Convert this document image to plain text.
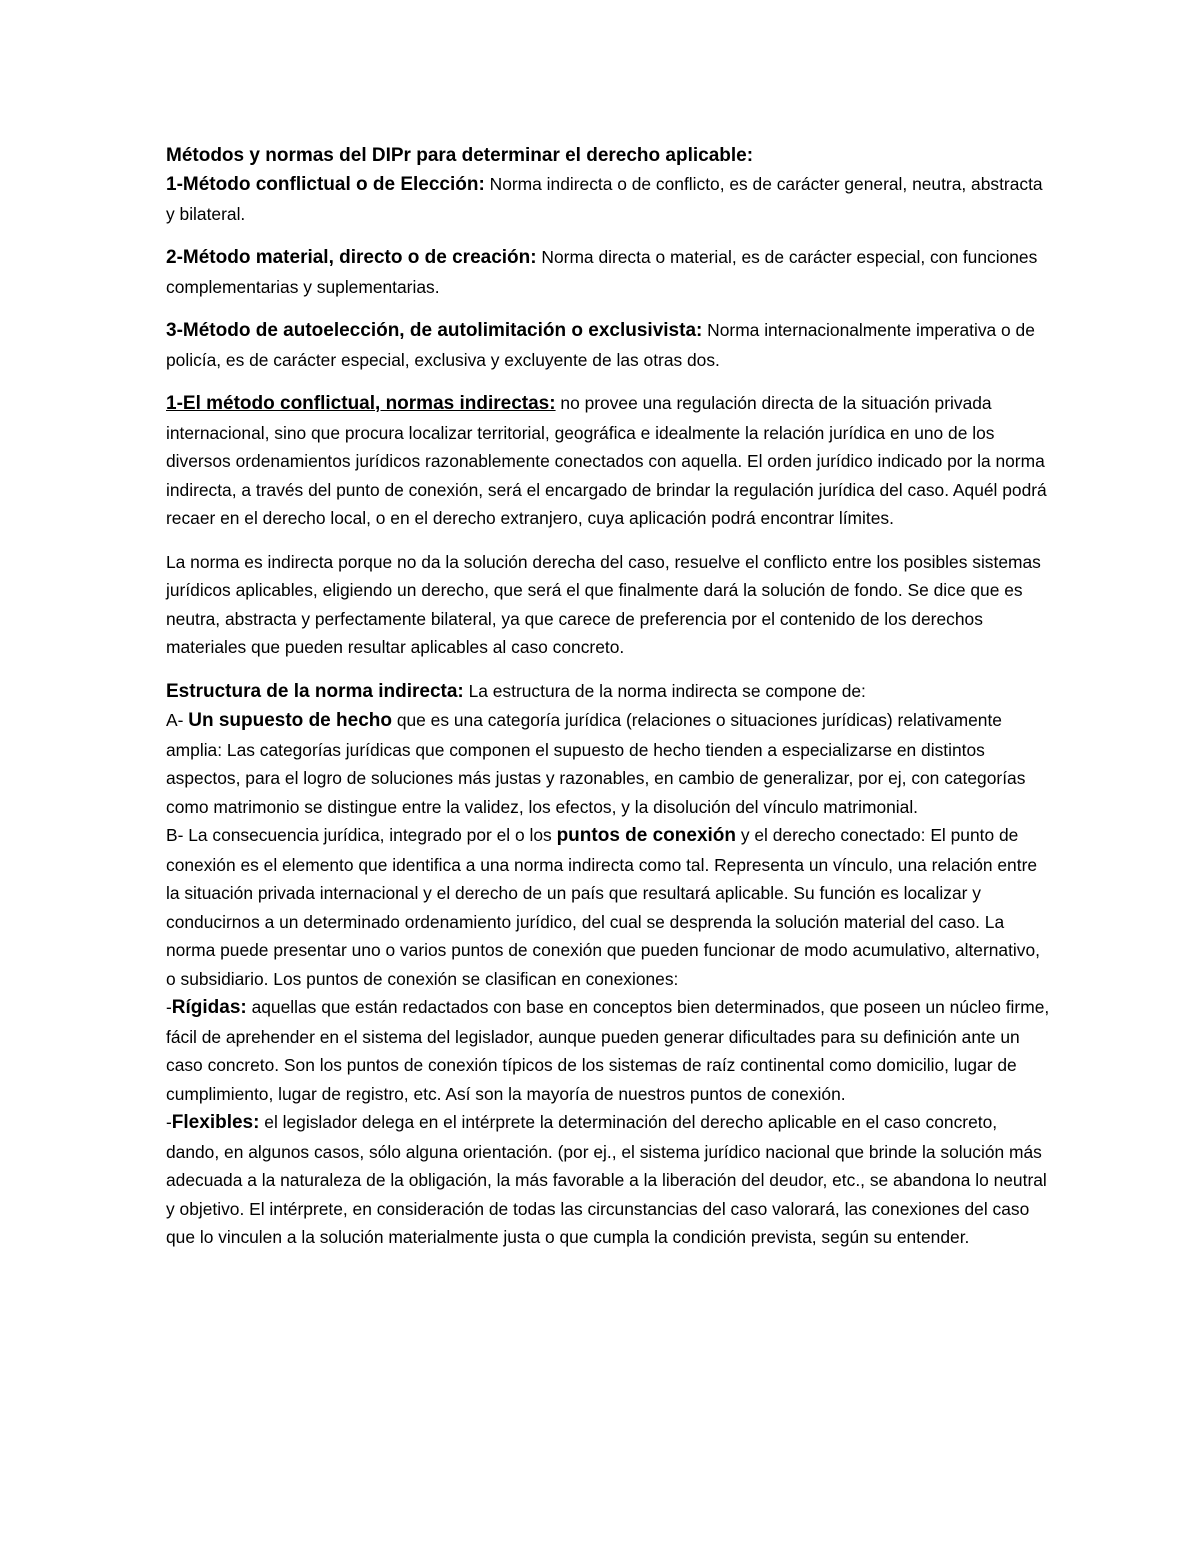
Métodos y normas del DIPr para determinar el derecho aplicable:

1-Método conflictual o de Elección: Norma indirecta o de conflicto, es de carácter general, neutra, abstracta y bilateral.

2-Método material, directo o de creación: Norma directa o material, es de carácter especial, con funciones complementarias y suplementarias.

3-Método de autoelección, de autolimitación o exclusivista: Norma internacionalmente imperativa o de policía, es de carácter especial, exclusiva y excluyente de las otras dos.

1-El método conflictual, normas indirectas: no provee una regulación directa de la situación privada internacional, sino que procura localizar territorial, geográfica e idealmente la relación jurídica en uno de los diversos ordenamientos jurídicos razonablemente conectados con aquella. El orden jurídico indicado por la norma indirecta, a través del punto de conexión, será el encargado de brindar la regulación jurídica del caso. Aquél podrá recaer en el derecho local, o en el derecho extranjero, cuya aplicación podrá encontrar límites.

La norma es indirecta porque no da la solución derecha del caso, resuelve el conflicto entre los posibles sistemas jurídicos aplicables, eligiendo un derecho, que será el que finalmente dará la solución de fondo. Se dice que es neutra, abstracta y perfectamente bilateral, ya que carece de preferencia por el contenido de los derechos materiales que pueden resultar aplicables al caso concreto.

Estructura de la norma indirecta: La estructura de la norma indirecta se compone de:

A- Un supuesto de hecho que es una categoría jurídica (relaciones o situaciones jurídicas) relativamente amplia: Las categorías jurídicas que componen el supuesto de hecho tienden a especializarse en distintos aspectos, para el logro de soluciones más justas y razonables, en cambio de generalizar, por ej, con categorías como matrimonio se distingue entre la validez, los efectos, y la disolución del vínculo matrimonial.

B- La consecuencia jurídica, integrado por el o los puntos de conexión y el derecho conectado: El punto de conexión es el elemento que identifica a una norma indirecta como tal. Representa un vínculo, una relación entre la situación privada internacional y el derecho de un país que resultará aplicable. Su función es localizar y conducirnos a un determinado ordenamiento jurídico, del cual se desprenda la solución material del caso. La norma puede presentar uno o varios puntos de conexión que pueden funcionar de modo acumulativo, alternativo, o subsidiario. Los puntos de conexión se clasifican en conexiones:

-Rígidas: aquellas que están redactados con base en conceptos bien determinados, que poseen un núcleo firme, fácil de aprehender en el sistema del legislador, aunque pueden generar dificultades para su definición ante un caso concreto. Son los puntos de conexión típicos de los sistemas de raíz continental como domicilio, lugar de cumplimiento, lugar de registro, etc. Así son la mayoría de nuestros puntos de conexión.

-Flexibles: el legislador delega en el intérprete la determinación del derecho aplicable en el caso concreto, dando, en algunos casos, sólo alguna orientación. (por ej., el sistema jurídico nacional que brinde la solución más adecuada a la naturaleza de la obligación, la más favorable a la liberación del deudor, etc., se abandona lo neutral y objetivo. El intérprete, en consideración de todas las circunstancias del caso valorará, las conexiones del caso que lo vinculen a la solución materialmente justa o que cumpla la condición prevista, según su entender.
